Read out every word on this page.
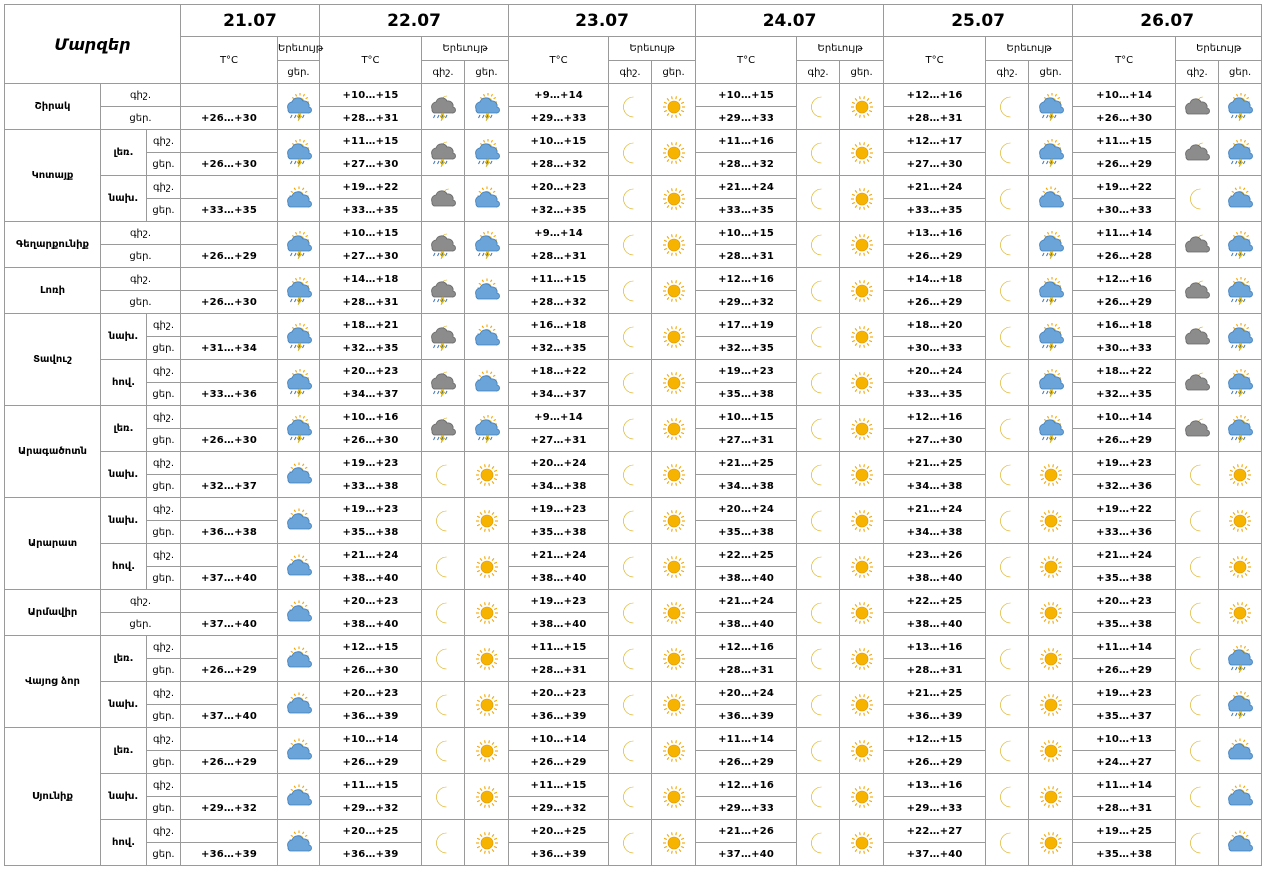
Մարզեր			21.07		22.07			23.07			24.07			25.07			26.07		
			T°C	Երեւույթ	T°C	Երեւույթ		T°C	Երեւույթ		T°C	Երեւույթ		T°C	Երեւույթ		T°C	Երեւույթ	
				ցեր.		գիշ.	ցեր.		գիշ.	ցեր.		գիշ.	ցեր.		գիշ.	ցեր.		գիշ.	ցեր.
Շիրակ	գիշ.				+10…+15			+9…+14			+10…+15			+12…+16			+10…+14	

	ցեր.		+26…+30		+28…+31			+29…+33			+29…+33			+28…+31			+26…+30		
Կոտայք	լեռ.	գիշ.			+11…+15			+10…+15			+11…+16			+12…+17			+11…+15	

		ցեր.	+26…+30		+27…+30			+28…+32			+28…+32			+27…+30			+26…+29		
	նախ.	գիշ.			+19…+22			+20…+23			+21…+24			+21…+24			+19…+22	

		ցեր.	+33…+35		+33…+35			+32…+35			+33…+35			+33…+35			+30…+33		
Գեղարքունիք	գիշ.				+10…+15			+9…+14			+10…+15			+13…+16			+11…+14	

	ցեր.		+26…+29		+27…+30			+28…+31			+28…+31			+26…+29			+26…+28		
Լոռի	գիշ.				+14…+18			+11…+15			+12…+16			+14…+18			+12…+16	

	ցեր.		+26…+30		+28…+31			+28…+32			+29…+32			+26…+29			+26…+29		
Տավուշ	նախ.	գիշ.			+18…+21			+16…+18			+17…+19			+18…+20			+16…+18	

		ցեր.	+31…+34		+32…+35			+32…+35			+32…+35			+30…+33			+30…+33		
	հով.	գիշ.			+20…+23			+18…+22			+19…+23			+20…+24			+18…+22	

		ցեր.	+33…+36		+34…+37			+34…+37			+35…+38			+33…+35			+32…+35		
Արագածոտն	լեռ.	գիշ.			+10…+16			+9…+14			+10…+15			+12…+16			+10…+14	

		ցեր.	+26…+30		+26…+30			+27…+31			+27…+31			+27…+30			+26…+29		
	նախ.	գիշ.			+19…+23			+20…+24			+21…+25			+21…+25			+19…+23	

		ցեր.	+32…+37		+33…+38			+34…+38			+34…+38			+34…+38			+32…+36		
Արարատ	նախ.	գիշ.			+19…+23			+19…+23			+20…+24			+21…+24			+19…+22	

		ցեր.	+36…+38		+35…+38			+35…+38			+35…+38			+34…+38			+33…+36		
	հով.	գիշ.			+21…+24			+21…+24			+22…+25			+23…+26			+21…+24	

		ցեր.	+37…+40		+38…+40			+38…+40			+38…+40			+38…+40			+35…+38		
Արմավիր	գիշ.				+20…+23			+19…+23			+21…+24			+22…+25			+20…+23	

	ցեր.		+37…+40		+38…+40			+38…+40			+38…+40			+38…+40			+35…+38		
Վայոց ձոր	լեռ.	գիշ.			+12…+15			+11…+15			+12…+16			+13…+16			+11…+14	

		ցեր.	+26…+29		+26…+30			+28…+31			+28…+31			+28…+31			+26…+29		
	նախ.	գիշ.			+20…+23			+20…+23			+20…+24			+21…+25			+19…+23	

		ցեր.	+37…+40		+36…+39			+36…+39			+36…+39			+36…+39			+35…+37		
Սյունիք	լեռ.	գիշ.			+10…+14			+10…+14			+11…+14			+12…+15			+10…+13	

		ցեր.	+26…+29		+26…+29			+26…+29			+26…+29			+26…+29			+24…+27		
	նախ.	գիշ.			+11…+15			+11…+15			+12…+16			+13…+16			+11…+14	

		ցեր.	+29…+32		+29…+32			+29…+32			+29…+33			+29…+33			+28…+31		
	հով.	գիշ.			+20…+25			+20…+25			+21…+26			+22…+27			+19…+25	

		ցեր.	+36…+39		+36…+39			+36…+39			+37…+40			+37…+40			+35…+38		
